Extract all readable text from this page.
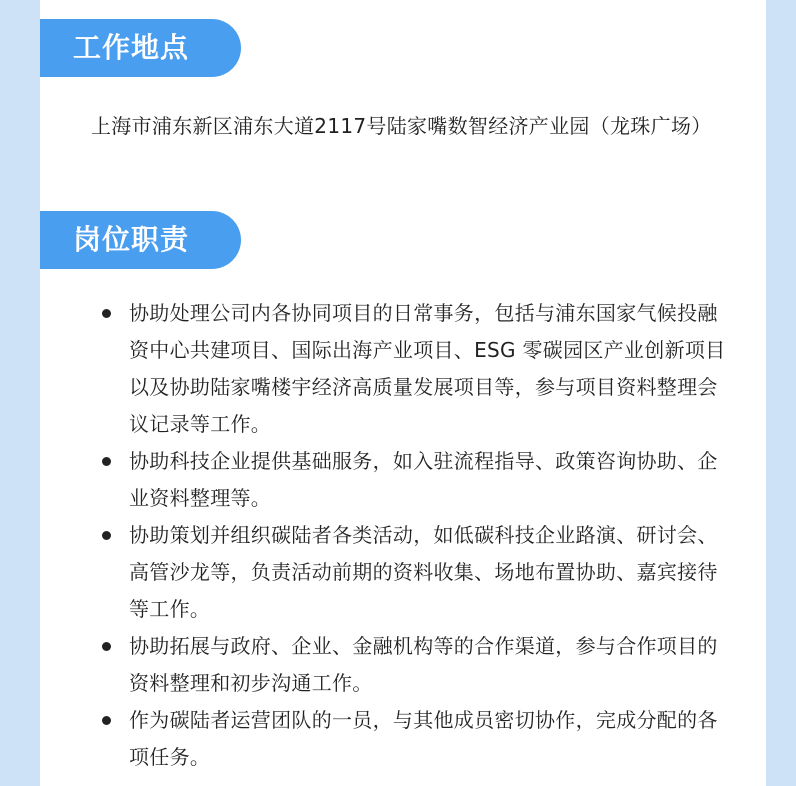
工作地点

上海市浦东新区浦东大道2117号陆家嘴数智经济产业园（龙珠广场）

岗位职责
协助处理公司内各协同项目的日常事务，包括与浦东国家气候投融资中心共建项目、国际出海产业项目、ESG 零碳园区产业创新项目以及协助陆家嘴楼宇经济高质量发展项目等，参与项目资料整理会议记录等工作。
协助科技企业提供基础服务，如入驻流程指导、政策咨询协助、企业资料整理等。
协助策划并组织碳陆者各类活动，如低碳科技企业路演、研讨会、高管沙龙等，负责活动前期的资料收集、场地布置协助、嘉宾接待等工作。
协助拓展与政府、企业、金融机构等的合作渠道，参与合作项目的资料整理和初步沟通工作。
作为碳陆者运营团队的一员，与其他成员密切协作，完成分配的各项任务。
